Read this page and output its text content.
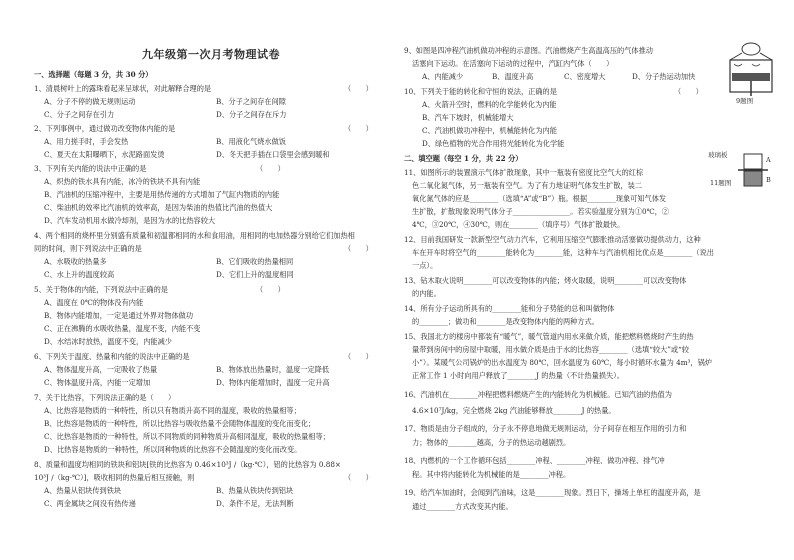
九年级第一次月考物理试卷
一、选择题（每题 3 分，共 30 分）
1、清晨树叶上的露珠看起来呈球状，对此解释合理的是	（　　）
A、分子不停的做无规则运动	B、分子之间存在间隙
C、分子之间存在引力	D、分子之间存在斥力
2、下列事例中，通过做功改变物体内能的是	（　　）
A、用力搓手时，手会发热	B、用液化气烧水做饭
C、夏天在太阳曝晒下，水泥路面发烫	D、冬天把手插在口袋里会感到暖和
3、下列有关内能的说法中正确的是	（　　）
A、炽热的铁水具有内能，冰冷的铁块不具有内能
B、汽油机的压缩冲程中，主要是用热传递的方式增加了气缸内物质的内能
C、柴油机的效率比汽油机的效率高，是因为柴油的热值比汽油的热值大
D、汽车发动机用水做冷却剂，是因为水的比热容较大
4、两个相同的烧杯里分别盛有质量和初温都相同的水和食用油，用相同的电加热器分别给它们加热相
同的时间，则下列说法中正确的是	（　　）
A、水吸收的热量多	B、它们吸收的热量相同
C、水上升的温度较高	D、它们上升的温度相同
5、关于物体的内能，下列说法中正确的是	（　　）
A、温度在 0℃的物体没有内能
B、物体内能增加，一定是通过外界对物体做功
C、正在沸腾的水吸收热量，温度不变，内能不变
D、水结冰时放热，温度不变，内能减少
6、下列关于温度、热量和内能的说法中正确的是	（　　）
A、物体温度升高，一定吸收了热量	B、物体放出热量时，温度一定降低
C、物体温度升高，内能一定增加	D、物体内能增加时，温度一定升高
7、关于比热容，下列说法正确的是（　　）
A、比热容是物质的一种特性，所以只有物质升高不同的温度，吸收的热量相等；
B、比热容是物质的一种特性，所以比热容与吸收热量不会随物体温度的变化而变化；
C、比热容是物质的一种特性，所以不同物质的同种物质升高相同温度，吸收的热量相等；
D、比热容是物质的一种特性，所以同种物质的比热容不会随温度的变化而改变。
8、质量和温度均相同的铁块和铝块[铁的比热容为 0.46×10³J /（kg·℃），铝的比热容为 0.88×
10³J /（kg·℃）]，吸收相同的热量后相互接触，则	（　　）
A、热量从铝块传到铁块	B、热量从铁块传到铝块
C、两金属块之间没有热传递	D、条件不足，无法判断
9、如图是四冲程汽油机做功冲程的示意图。汽油燃烧产生高温高压的气体推动
活塞向下运动。在活塞向下运动的过程中，汽缸内气体（　　）
A、内能减少	B、温度升高	C、密度增大	D、分子热运动加快
9题图
10、下列关于能的转化和守恒的说法，正确的是	（　　）
A、火箭升空时，燃料的化学能转化为内能
B、汽车下坡时，机械能增大
C、汽油机做功冲程中，机械能转化为内能
D、绿色植物的光合作用将光能转化为化学能
二、填空题（每空 1 分，共 22 分）
11、如图所示的装置演示气体扩散现象，其中一瓶装有密度比空气大的红棕
色二氧化氮气体，另一瓶装有空气。为了有力地证明气体发生扩散，装二
氧化氮气体的应是________（选填“A”或“B”）瓶。根据________现象可知气体发
生扩散，扩散现象说明气体分子________________。若实验温度分别为①0℃，②
4℃，③20℃，④30℃，则在________（填序号）气体扩散最快。
玻璃板
A
B
11题图
12、目前我国研发一款新型空气动力汽车，它利用压缩空气膨胀推动活塞做功提供动力，这种
车在开车时将空气的________能转化为________能，这种车与汽油机相比优点是________（说出
一点）。
13、钻木取火说明________可以改变物体的内能；烤火取暖，说明________可以改变物体
的内能。
14、所有分子运动所具有的________能和分子势能的总和叫做物体
的________；做功和________是改变物体内能的两种方式。
15、我国北方的楼房中都装有“暖气”，暖气管道内用水来做介质，能把燃料燃烧时产生的热
量带到房间中的房屋中取暖，用水做介质是由于水的比热容________（选填“较大”或“较
小”）。某暖气公司锅炉的出水温度为 80℃，回水温度为 60℃，每小时循环水量为 4m³，锅炉
正常工作 1 小时向用户释放了________J 的热量（不计热量损失）。
16、汽油机在________冲程把燃料燃烧产生的内能转化为机械能。已知汽油的热值为
4.6×10⁷J/kg，完全燃烧 2kg 汽油能够释放________J 的热量。
17、物质是由分子组成的，分子永不停息地做无规则运动，分子间存在相互作用的引力和
力；物体的________越高，分子的热运动越剧烈。
18、内燃机的一个工作循环包括________冲程、________冲程、做功冲程、排气冲
程。其中将内能转化为机械能的是________冲程。
19、给汽车加油时，会闻到汽油味，这是________现象。烈日下，操场上单杠的温度升高，是
通过________方式改变其内能。
